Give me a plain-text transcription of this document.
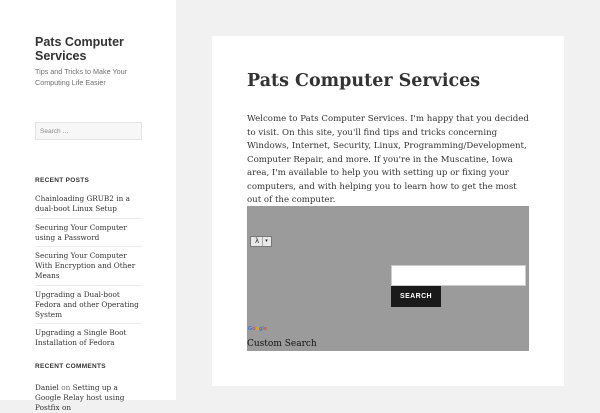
Pats Computer Services
Tips and Tricks to Make Your Computing Life Easier
Search …
RECENT POSTS
Chainloading GRUB2 in a dual-boot Linux Setup
Securing Your Computer using a Password
Securing Your Computer With Encryption and Other Means
Upgrading a Dual-boot Fedora and other Operating System
Upgrading a Single Boot Installation of Fedora
RECENT COMMENTS
Daniel on Setting up a Google Relay host using Postfix on
Pats Computer Services

Welcome to Pats Computer Services. I'm happy that you decided to visit. On this site, you'll find tips and tricks concerning Windows, Internet, Security, Linux, Programming/Development, Computer Repair, and more. If you're in the Muscatine, Iowa area, I'm available to help you with setting up or fixing your computers, and with helping you to learn how to get the most out of the computer.

λ	▾
SEARCH
Google
Custom Search
